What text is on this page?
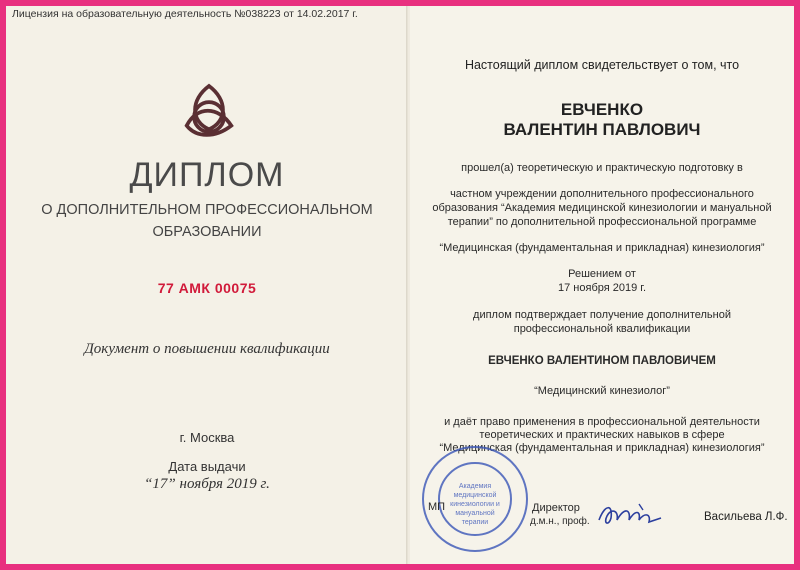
Лицензия на образовательную деятельность №038223 от 14.02.2017 г.
ДИПЛОМ
О ДОПОЛНИТЕЛЬНОМ ПРОФЕССИОНАЛЬНОМ
ОБРАЗОВАНИИ
77 АМК 00075
Документ о повышении квалификации
г. Москва
Дата выдачи
“17” ноября 2019 г.
Настоящий диплом свидетельствует о том, что
ЕВЧЕНКО
ВАЛЕНТИН ПАВЛОВИЧ
прошел(а) теоретическую и практическую подготовку в
частном учреждении дополнительного профессионального
образования “Академия медицинской кинезиологии и мануальной
терапии” по дополнительной профессиональной программе
“Медицинская (фундаментальная и прикладная) кинезиология”
Решением от
17 ноября 2019 г.
диплом подтверждает получение дополнительной
профессиональной квалификации
ЕВЧЕНКО ВАЛЕНТИНОМ ПАВЛОВИЧЕМ
“Медицинский кинезиолог”
и даёт право применения в профессиональной деятельности
теоретических и практических навыков в сфере
“Медицинская (фундаментальная и прикладная) кинезиология”
Академия
медицинской
кинезиологии и
мануальной
терапии
МП	Директор
д.м.н., проф.	Васильева Л.Ф.
